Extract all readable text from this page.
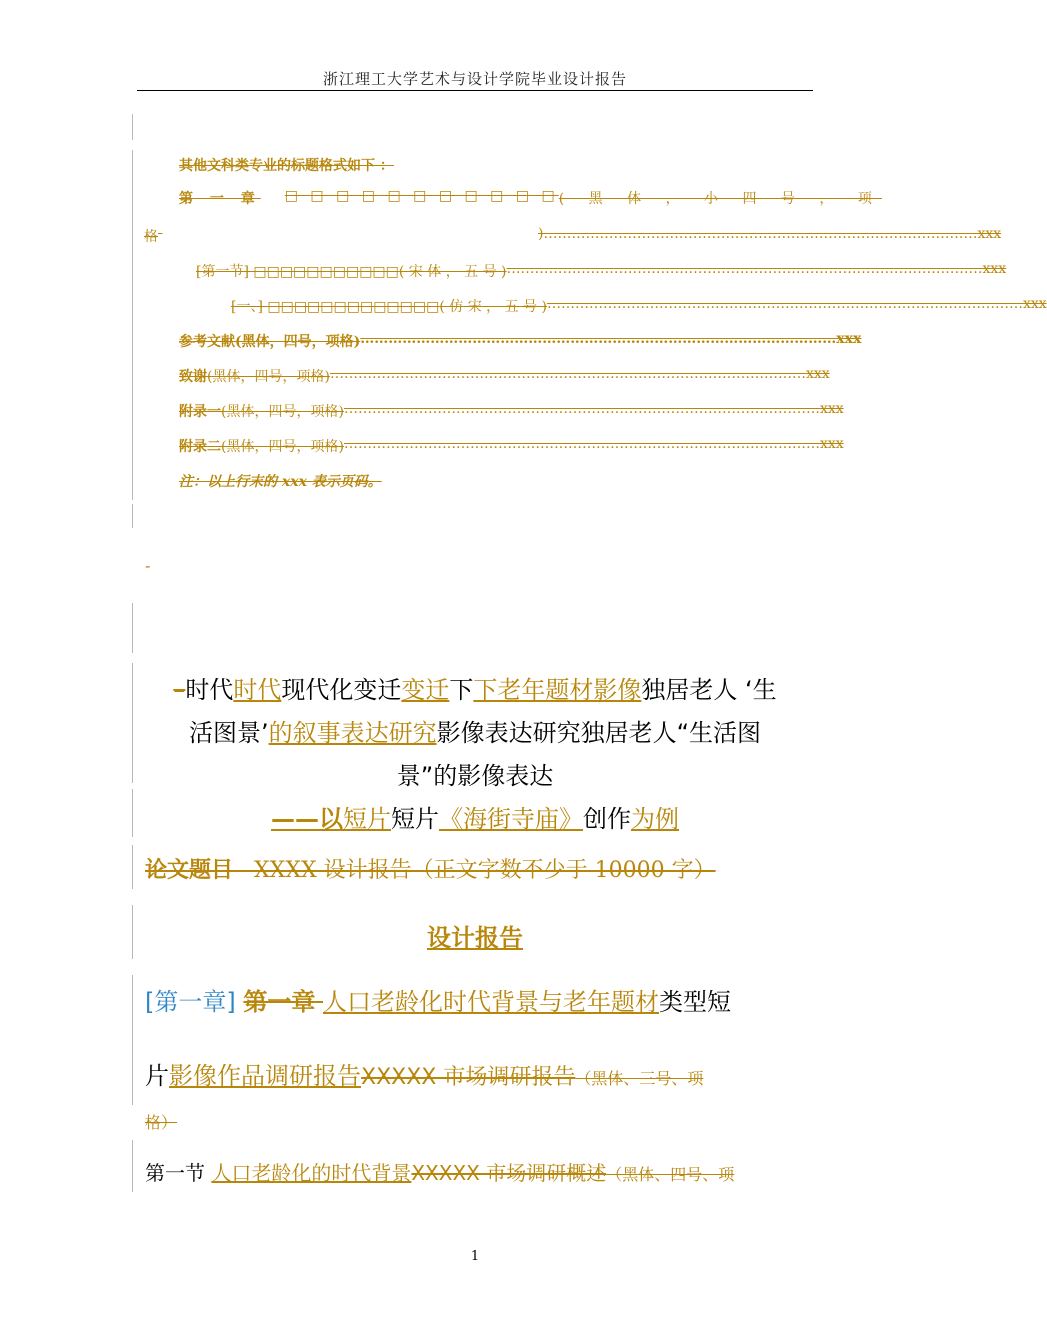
浙江理工大学艺术与设计学院毕业设计报告
其他文科类专业的标题格式如下 ：
第 一 章 □ □ □ □ □ □ □ □ □ □ □ ( 黑 体 ， 小 四 号 ， 项
格
	) ………………………………………………………………………………… xxx
[第一节] □□□□□□□□□□□ ( 宋 体 ， 五 号 ) ………………………………………………………………………………………… xxx
[一、] □□□□□□□□□□□□□ ( 仿 宋 ， 五 号 ) ………………………………………………………………………………………… xxx
参考文献 (黑体，四号，项格) ………………………………………………………………………………………… xxx
致谢 (黑体，四号，项格) ………………………………………………………………………………………… xxx
附录一 (黑体，四号，项格) ………………………………………………………………………………………… xxx
附录二 (黑体，四号，项格) ………………………………………………………………………………………… xxx
注：以上行末的 xxx 表示页码。
-
–时代时代现代化变迁变迁下下老年题材影像独居老人 ‘生
活图景’的叙事表达研究影像表达研究独居老人“生活图
景”的影像表达
——以短片短片《海街寺庙》创作为例
论文题目   XXXX 设计报告（正文字数不少于 10000 字）
设计报告
[第一章] 第一章 人口老龄化时代背景与老年题材类型短
片影像作品调研报告XXXXX 市场调研报告（黑体、三号、项
格）
第一节 人口老龄化的时代背景XXXXX 市场调研概述（黑体、四号、项
1
